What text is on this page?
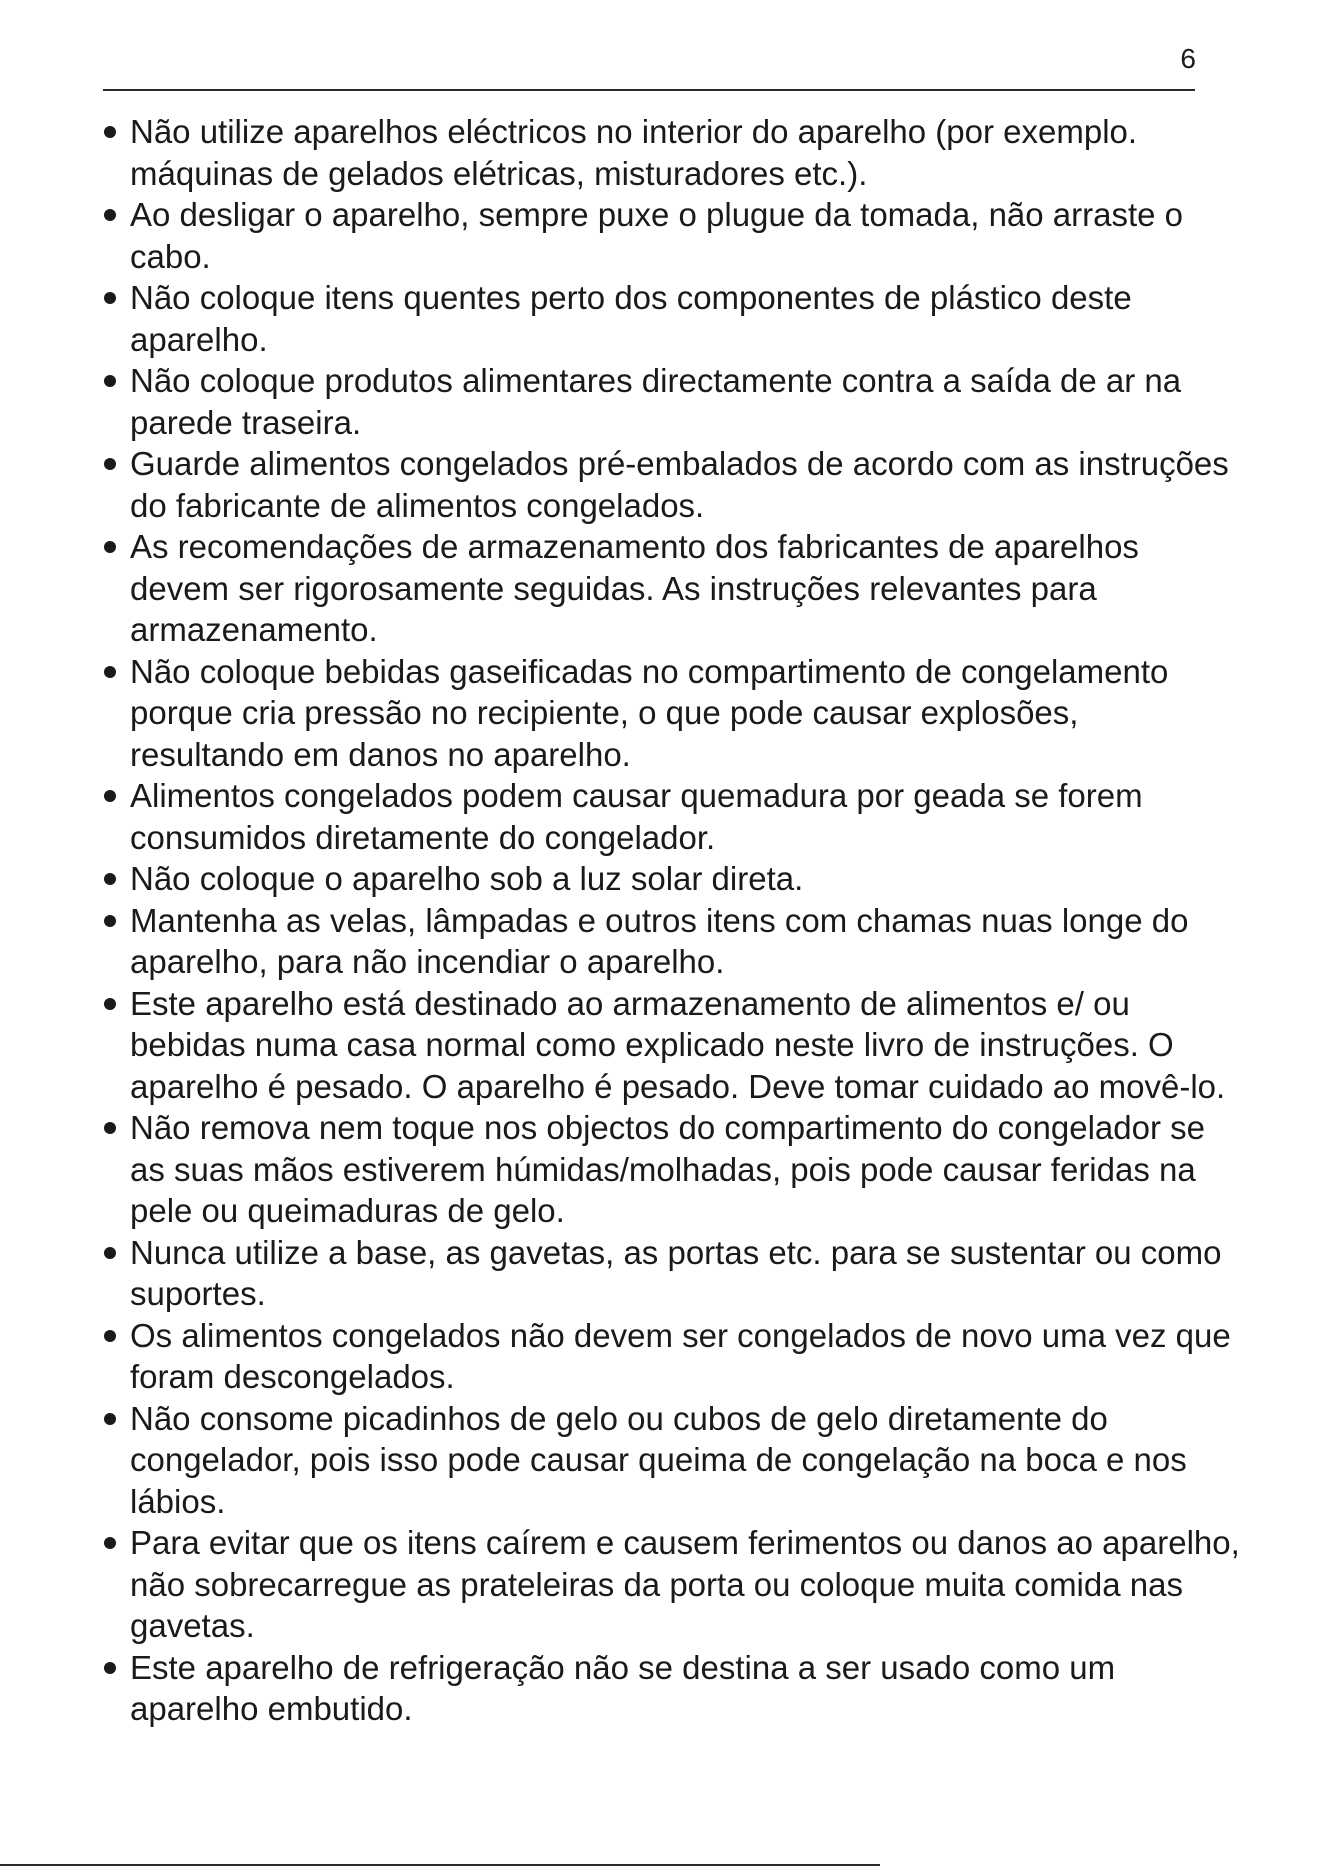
6
Não utilize aparelhos eléctricos no interior do aparelho (por exemplo. máquinas de gelados elétricas, misturadores etc.).
Ao desligar o aparelho, sempre puxe o plugue da tomada, não arraste o cabo.
Não coloque itens quentes perto dos componentes de plástico deste aparelho.
Não coloque produtos alimentares directamente contra a saída de ar na parede traseira.
Guarde alimentos congelados pré-embalados de acordo com as instruções do fabricante de alimentos congelados.
As recomendações de armazenamento dos fabricantes de aparelhos devem ser rigorosamente seguidas. As instruções relevantes para armazenamento.
Não coloque bebidas gaseificadas no compartimento de congelamento porque cria pressão no recipiente, o que pode causar explosões, resultando em danos no aparelho.
Alimentos congelados podem causar quemadura por geada se forem consumidos diretamente do congelador.
Não coloque o aparelho sob a luz solar direta.
Mantenha as velas, lâmpadas e outros itens com chamas nuas longe do aparelho, para não incendiar o aparelho.
Este aparelho está destinado ao armazenamento de alimentos e/ ou bebidas numa casa normal como explicado neste livro de instruções. O aparelho é pesado. O aparelho é pesado. Deve tomar cuidado ao movê-lo.
Não remova nem toque nos objectos do compartimento do congelador se as suas mãos estiverem húmidas/molhadas, pois pode causar feridas na pele ou queimaduras de gelo.
Nunca utilize a base, as gavetas, as portas etc. para se sustentar ou como suportes.
Os alimentos congelados não devem ser congelados de novo uma vez que foram descongelados.
Não consome picadinhos de gelo ou cubos de gelo diretamente do congelador, pois isso pode causar queima de congelação na boca e nos lábios.
Para evitar que os itens caírem e causem ferimentos ou danos ao aparelho, não sobrecarregue as prateleiras da porta ou coloque muita comida nas gavetas.
Este aparelho de refrigeração não se destina a ser usado como um aparelho embutido.
